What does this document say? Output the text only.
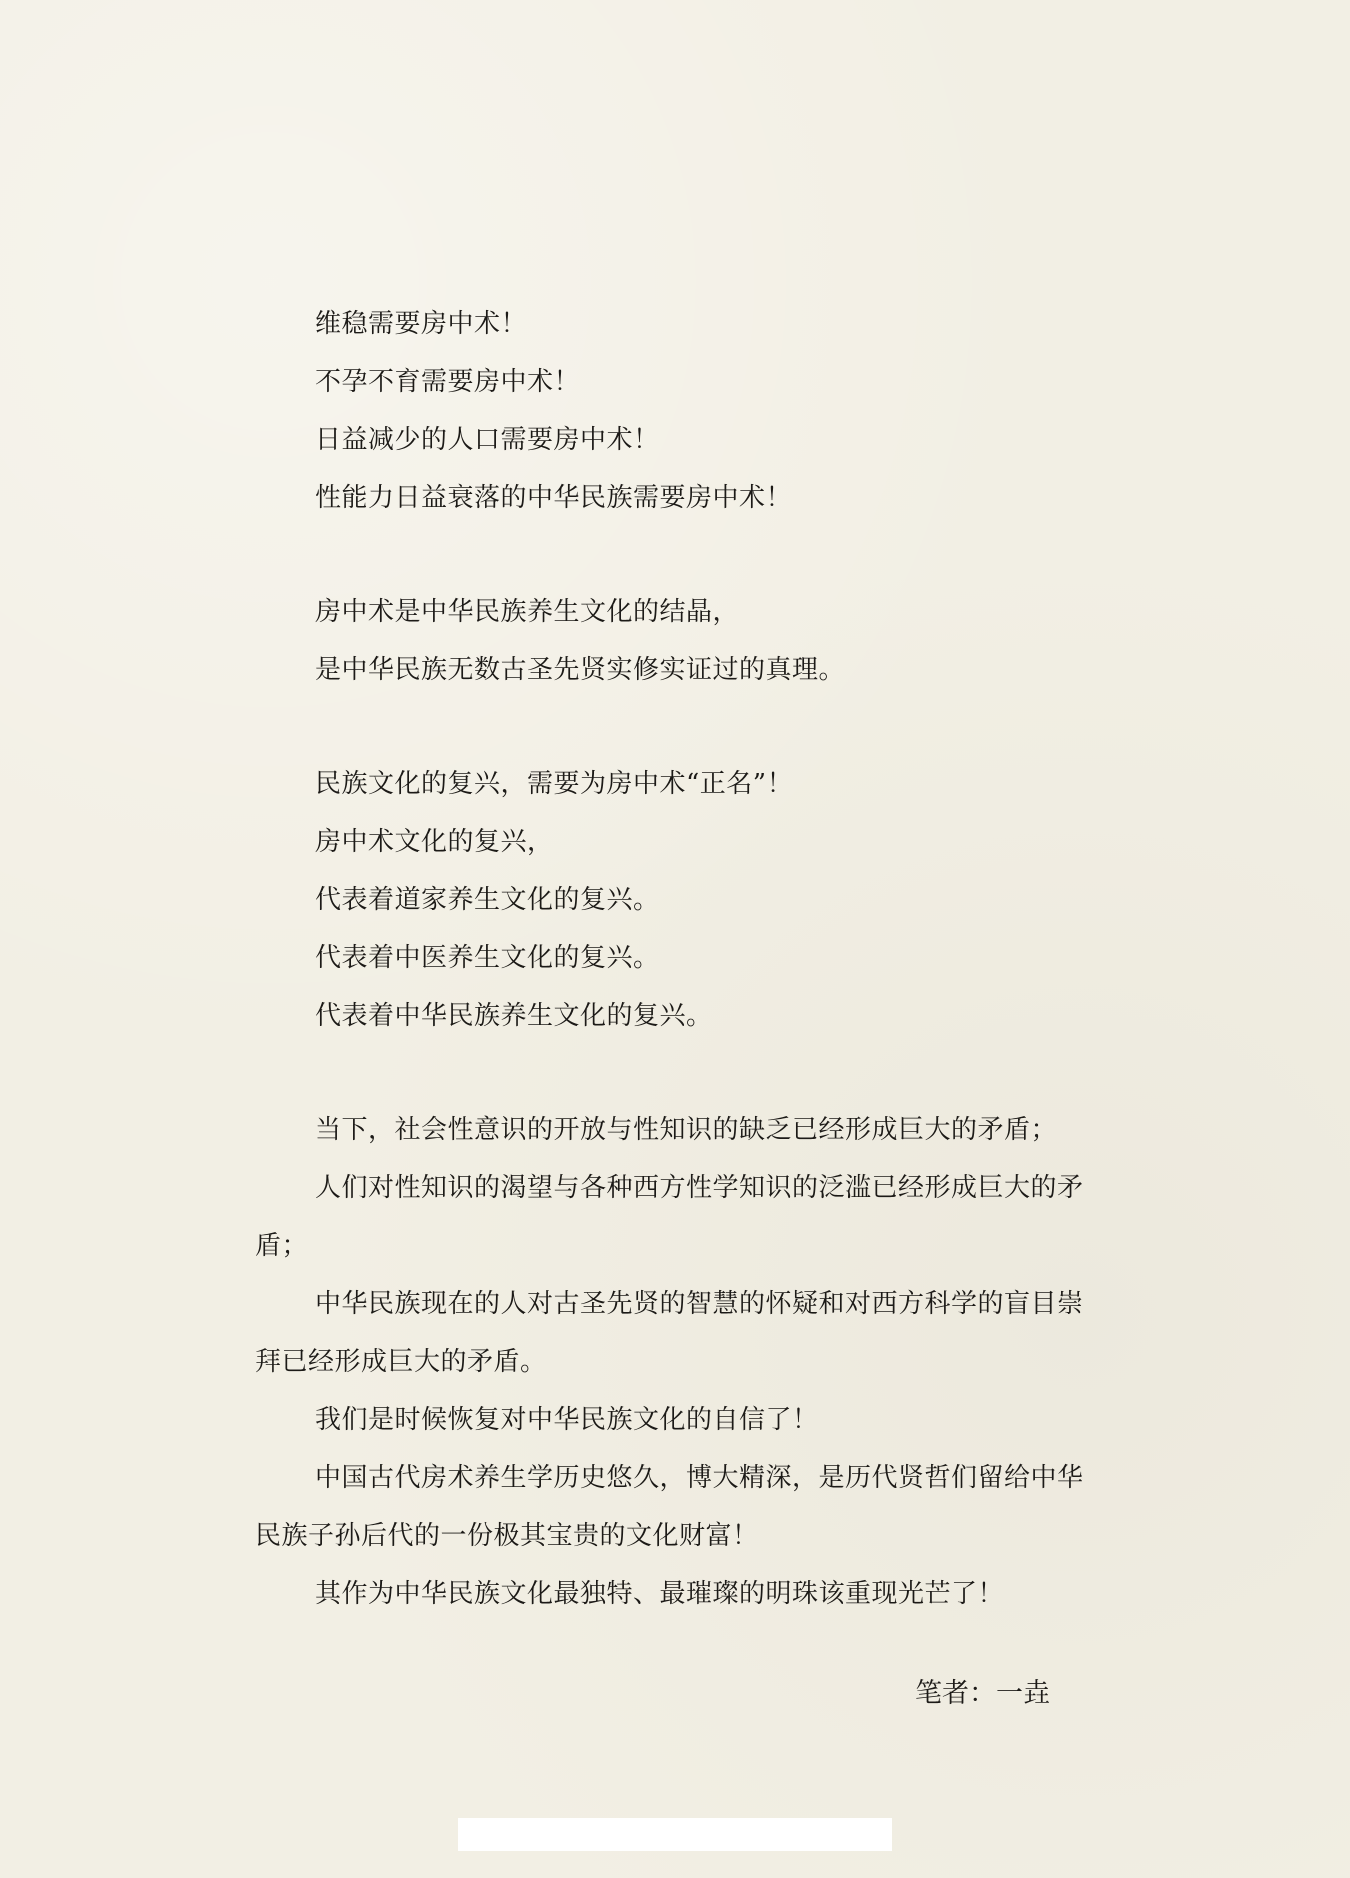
维稳需要房中术！

不孕不育需要房中术！

日益减少的人口需要房中术！

性能力日益衰落的中华民族需要房中术！

房中术是中华民族养生文化的结晶，

是中华民族无数古圣先贤实修实证过的真理。

民族文化的复兴，需要为房中术“正名”！

房中术文化的复兴，

代表着道家养生文化的复兴。

代表着中医养生文化的复兴。

代表着中华民族养生文化的复兴。

当下，社会性意识的开放与性知识的缺乏已经形成巨大的矛盾；

人们对性知识的渴望与各种西方性学知识的泛滥已经形成巨大的矛盾；

中华民族现在的人对古圣先贤的智慧的怀疑和对西方科学的盲目崇拜已经形成巨大的矛盾。

我们是时候恢复对中华民族文化的自信了！

中国古代房术养生学历史悠久，博大精深，是历代贤哲们留给中华民族子孙后代的一份极其宝贵的文化财富！

其作为中华民族文化最独特、最璀璨的明珠该重现光芒了！

笔者：一垚
